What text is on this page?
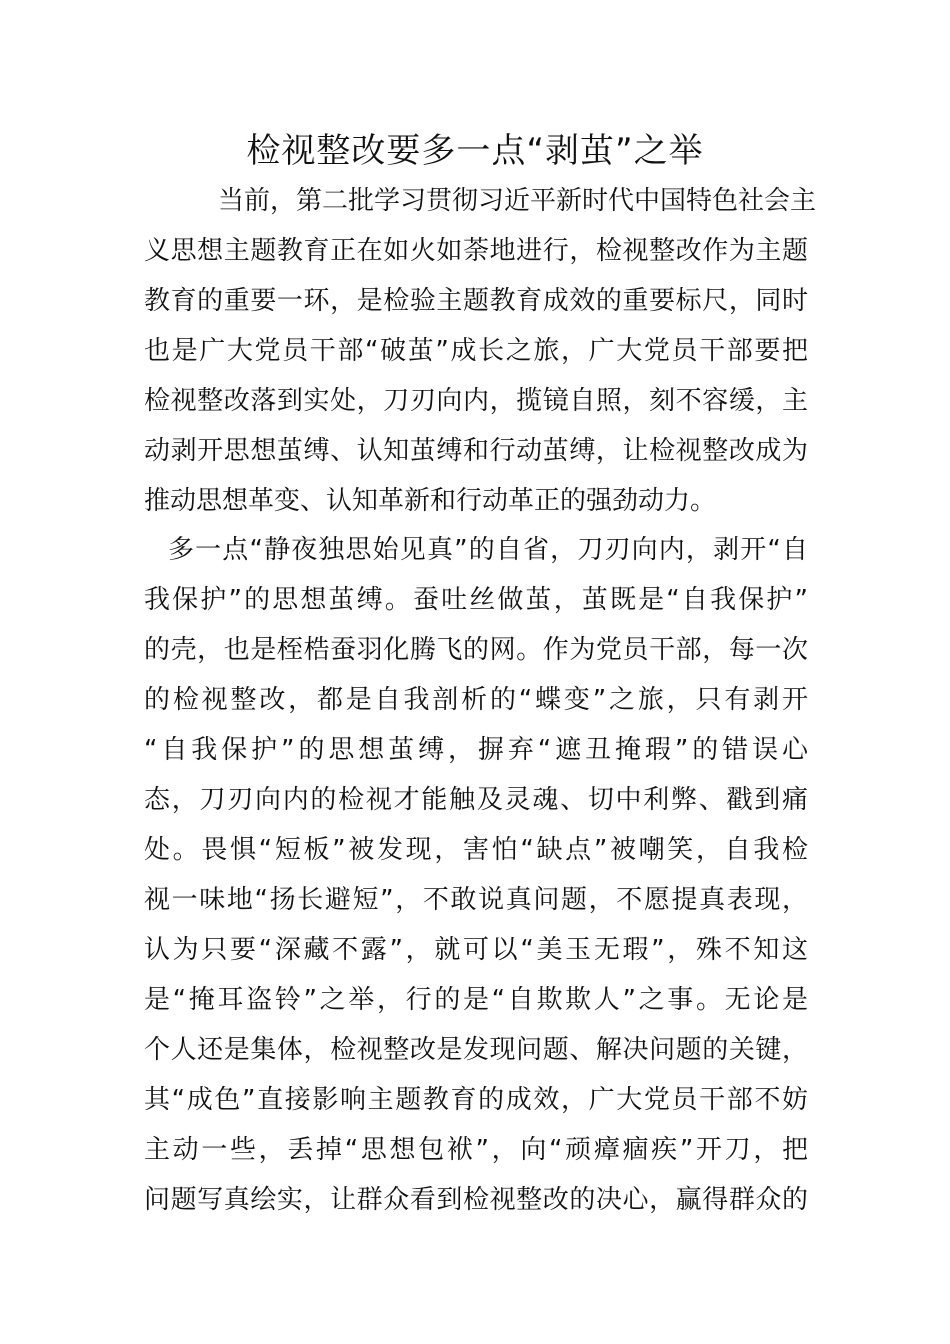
检视整改要多一点“剥茧”之举
当前，第二批学习贯彻习近平新时代中国特色社会主
义思想主题教育正在如火如荼地进行，检视整改作为主题
教育的重要一环，是检验主题教育成效的重要标尺，同时
也是广大党员干部“破茧”成长之旅，广大党员干部要把
检视整改落到实处，刀刃向内，揽镜自照，刻不容缓，主
动剥开思想茧缚、认知茧缚和行动茧缚，让检视整改成为
推动思想革变、认知革新和行动革正的强劲动力。
多一点“静夜独思始见真”的自省，刀刃向内，剥开“自
我保护”的思想茧缚。蚕吐丝做茧，茧既是“自我保护”
的壳，也是桎梏蚕羽化腾飞的网。作为党员干部，每一次
的检视整改，都是自我剖析的“蝶变”之旅，只有剥开
“自我保护”的思想茧缚，摒弃“遮丑掩瑕”的错误心
态，刀刃向内的检视才能触及灵魂、切中利弊、戳到痛
处。畏惧“短板”被发现，害怕“缺点”被嘲笑，自我检
视一味地“扬长避短”，不敢说真问题，不愿提真表现，
认为只要“深藏不露”，就可以“美玉无瑕”，殊不知这
是“掩耳盗铃”之举，行的是“自欺欺人”之事。无论是
个人还是集体，检视整改是发现问题、解决问题的关键，
其“成色”直接影响主题教育的成效，广大党员干部不妨
主动一些，丢掉“思想包袱”，向“顽瘴痼疾”开刀，把
问题写真绘实，让群众看到检视整改的决心，赢得群众的
